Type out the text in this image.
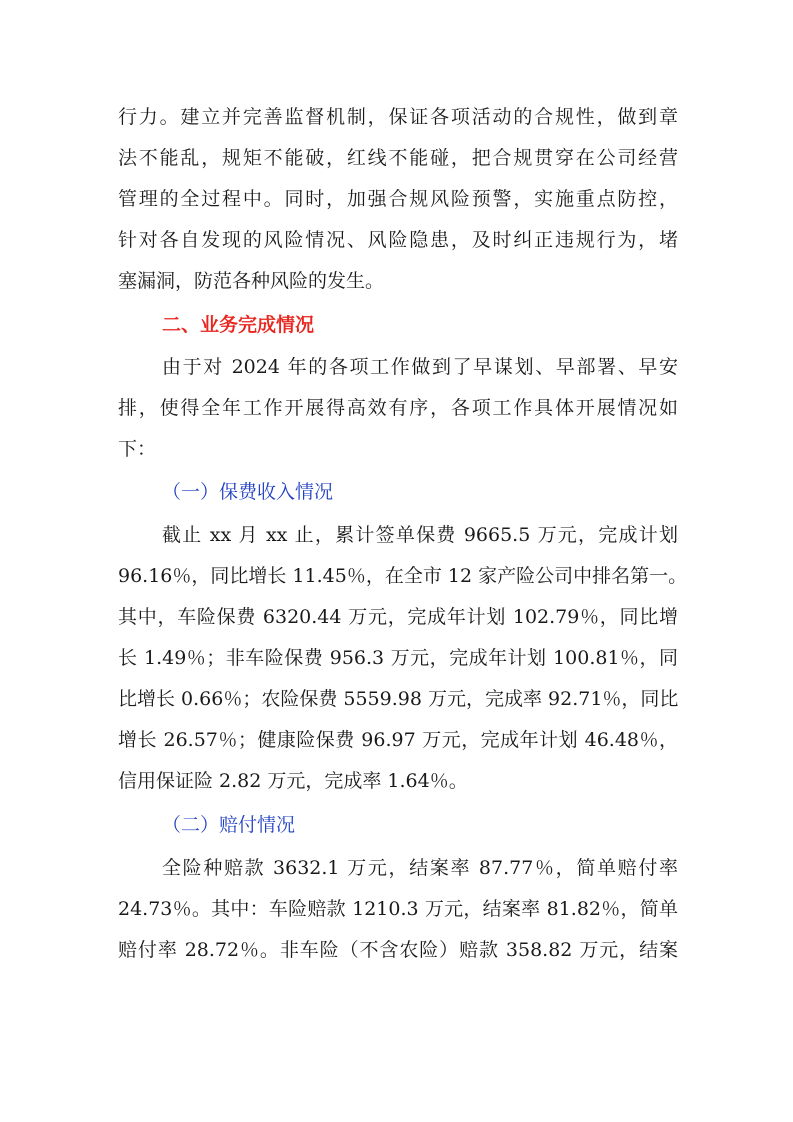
行力。建立并完善监督机制，保证各项活动的合规性，做到章
法不能乱，规矩不能破，红线不能碰，把合规贯穿在公司经营
管理的全过程中。同时，加强合规风险预警，实施重点防控，
针对各自发现的风险情况、风险隐患，及时纠正违规行为，堵
塞漏洞，防范各种风险的发生。
二、业务完成情况
由于对 2024 年的各项工作做到了早谋划、早部署、早安
排，使得全年工作开展得高效有序，各项工作具体开展情况如
下：
（一）保费收入情况
截止 xx 月 xx 止，累计签单保费 9665.5 万元，完成计划
96.16％，同比增长 11.45％，在全市 12 家产险公司中排名第一。
其中，车险保费 6320.44 万元，完成年计划 102.79％，同比增
长 1.49％；非车险保费 956.3 万元，完成年计划 100.81％，同
比增长 0.66％；农险保费 5559.98 万元，完成率 92.71％，同比
增长 26.57％；健康险保费 96.97 万元，完成年计划 46.48％，
信用保证险 2.82 万元，完成率 1.64％。
（二）赔付情况
全险种赔款 3632.1 万元，结案率 87.77％，简单赔付率
24.73％。其中：车险赔款 1210.3 万元，结案率 81.82％，简单
赔付率 28.72％。非车险（不含农险）赔款 358.82 万元，结案
